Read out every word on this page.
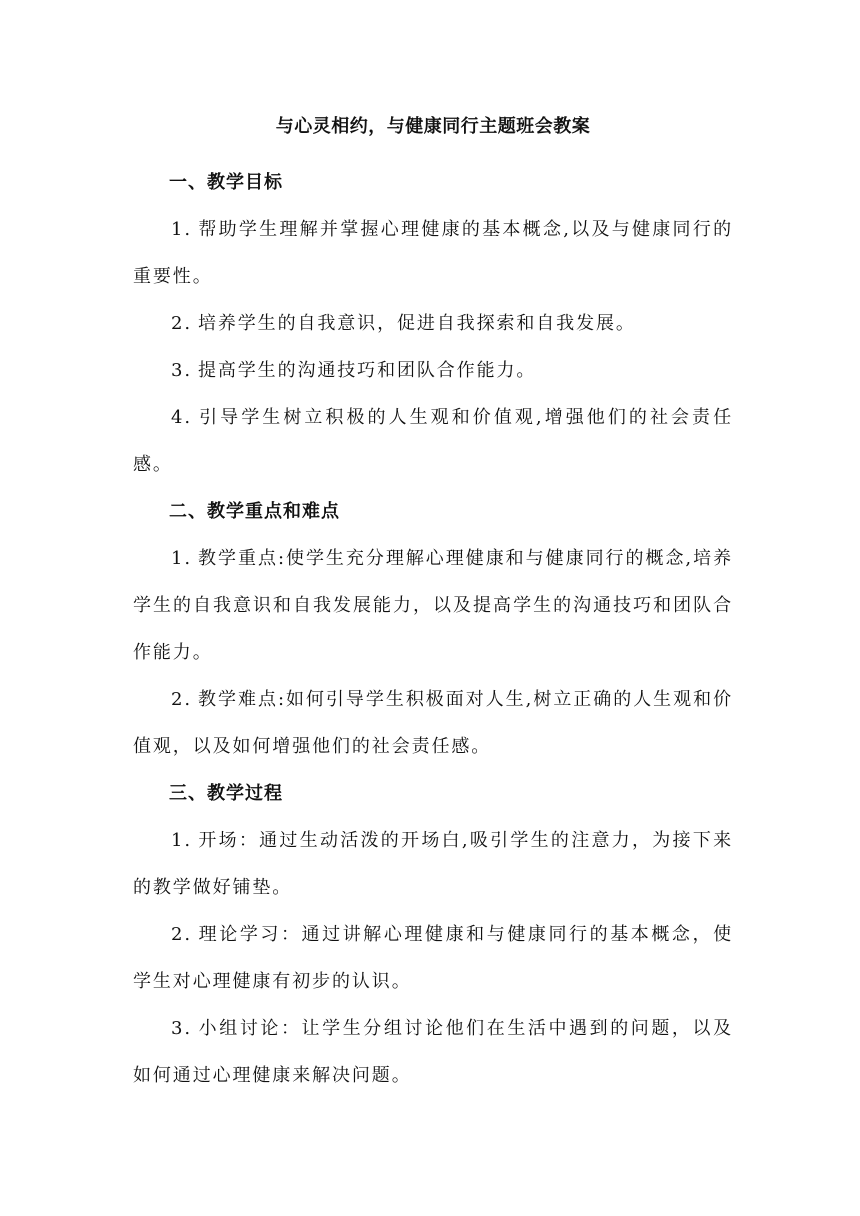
与心灵相约，与健康同行主题班会教案
一、教学目标

1. 帮助学生理解并掌握心理健康的基本概念,以及与健康同行的重要性。

2. 培养学生的自我意识，促进自我探索和自我发展。

3. 提高学生的沟通技巧和团队合作能力。

4. 引导学生树立积极的人生观和价值观,增强他们的社会责任感。

二、教学重点和难点

1. 教学重点:使学生充分理解心理健康和与健康同行的概念,培养学生的自我意识和自我发展能力，以及提高学生的沟通技巧和团队合作能力。

2. 教学难点:如何引导学生积极面对人生,树立正确的人生观和价值观，以及如何增强他们的社会责任感。

三、教学过程

1. 开场：通过生动活泼的开场白,吸引学生的注意力，为接下来的教学做好铺垫。

2. 理论学习：通过讲解心理健康和与健康同行的基本概念，使学生对心理健康有初步的认识。

3. 小组讨论：让学生分组讨论他们在生活中遇到的问题，以及如何通过心理健康来解决问题。
